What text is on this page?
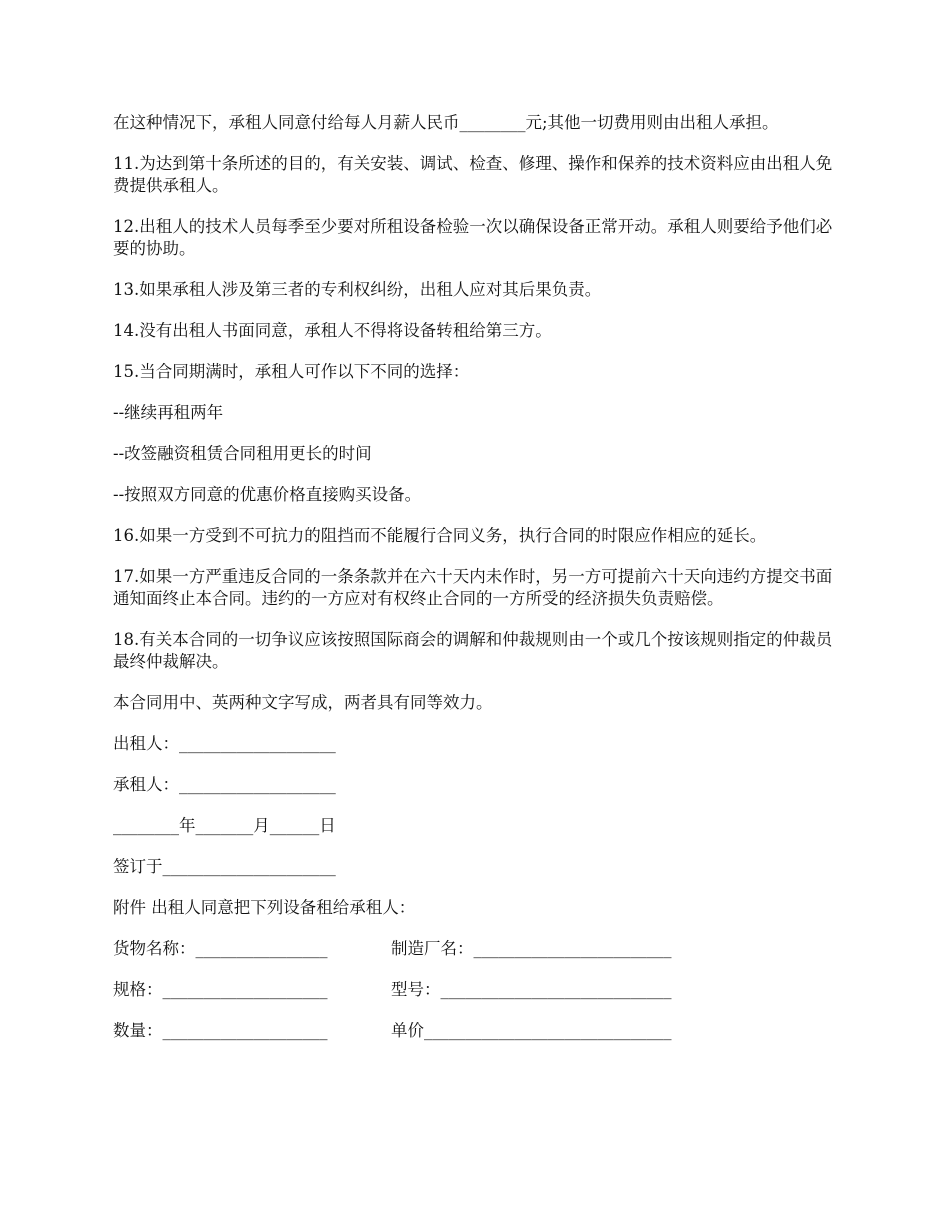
在这种情况下，承租人同意付给每人月薪人民币________元;其他一切费用则由出租人承担。

11.为达到第十条所述的目的，有关安装、调试、检查、修理、操作和保养的技术资料应由出租人免费提供承租人。

12.出租人的技术人员每季至少要对所租设备检验一次以确保设备正常开动。承租人则要给予他们必要的协助。

13.如果承租人涉及第三者的专利权纠纷，出租人应对其后果负责。

14.没有出租人书面同意，承租人不得将设备转租给第三方。

15.当合同期满时，承租人可作以下不同的选择：

--继续再租两年

--改签融资租赁合同租用更长的时间

--按照双方同意的优惠价格直接购买设备。

16.如果一方受到不可抗力的阻挡而不能履行合同义务，执行合同的时限应作相应的延长。

17.如果一方严重违反合同的一条条款并在六十天内未作时，另一方可提前六十天向违约方提交书面通知面终止本合同。违约的一方应对有权终止合同的一方所受的经济损失负责赔偿。

18.有关本合同的一切争议应该按照国际商会的调解和仲裁规则由一个或几个按该规则指定的仲裁员最终仲裁解决。

本合同用中、英两种文字写成，两者具有同等效力。

出租人：___________________

承租人：___________________

________年_______月______日

签订于_____________________

附件 出租人同意把下列设备租给承租人：

货物名称：________________	制造厂名：________________________
规格：____________________	型号：____________________________
数量：____________________	单价______________________________
